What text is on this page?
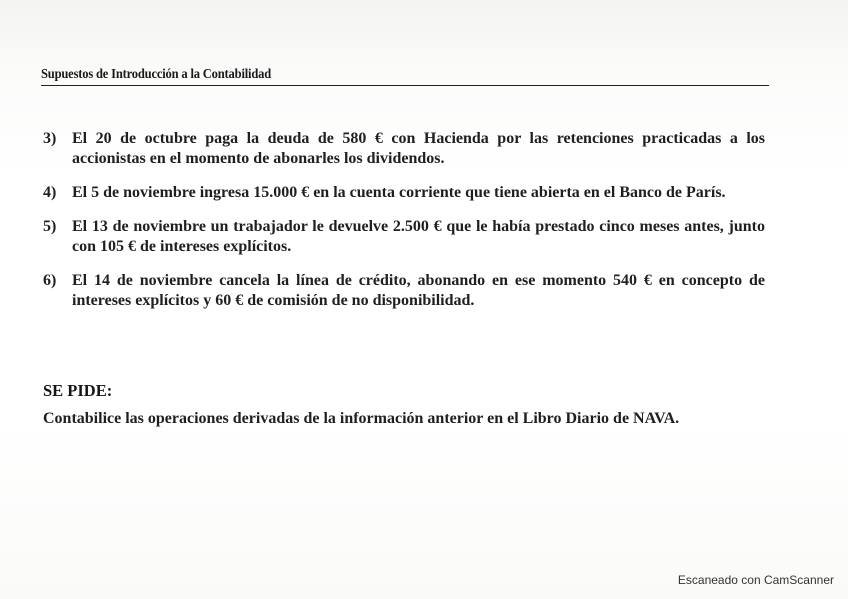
Supuestos de Introducción a la Contabilidad
3) El 20 de octubre paga la deuda de 580 € con Hacienda por las retenciones practicadas a los accionistas en el momento de abonarles los dividendos.
4) El 5 de noviembre ingresa 15.000 € en la cuenta corriente que tiene abierta en el Banco de París.
5) El 13 de noviembre un trabajador le devuelve 2.500 € que le había prestado cinco meses antes, junto con 105 € de intereses explícitos.
6) El 14 de noviembre cancela la línea de crédito, abonando en ese momento 540 € en concepto de intereses explícitos y 60 € de comisión de no disponibilidad.
SE PIDE:
Contabilice las operaciones derivadas de la información anterior en el Libro Diario de NAVA.
Escaneado con CamScanner
